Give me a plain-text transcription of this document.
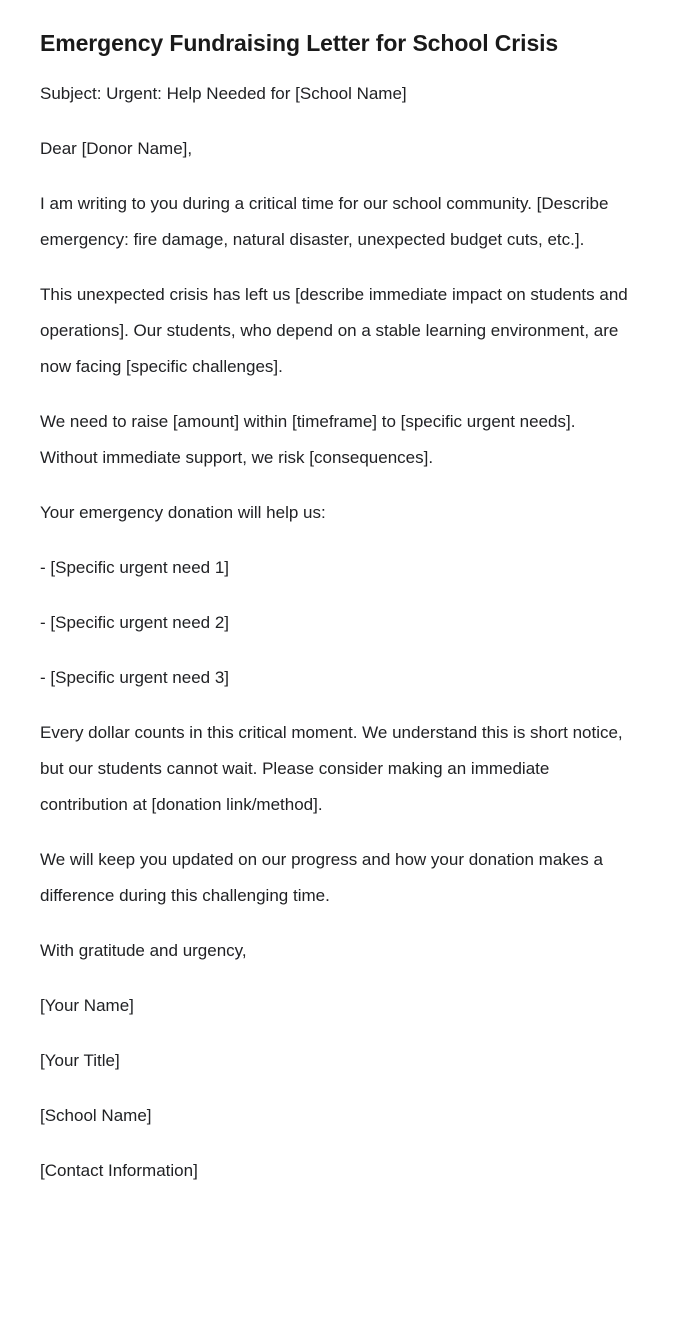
Emergency Fundraising Letter for School Crisis

Subject: Urgent: Help Needed for [School Name]

Dear [Donor Name],

I am writing to you during a critical time for our school community. [Describe emergency: fire damage, natural disaster, unexpected budget cuts, etc.].

This unexpected crisis has left us [describe immediate impact on students and operations]. Our students, who depend on a stable learning environment, are now facing [specific challenges].

We need to raise [amount] within [timeframe] to [specific urgent needs]. Without immediate support, we risk [consequences].

Your emergency donation will help us:

- [Specific urgent need 1]

- [Specific urgent need 2]

- [Specific urgent need 3]

Every dollar counts in this critical moment. We understand this is short notice, but our students cannot wait. Please consider making an immediate contribution at [donation link/method].

We will keep you updated on our progress and how your donation makes a difference during this challenging time.

With gratitude and urgency,

[Your Name]

[Your Title]

[School Name]

[Contact Information]
